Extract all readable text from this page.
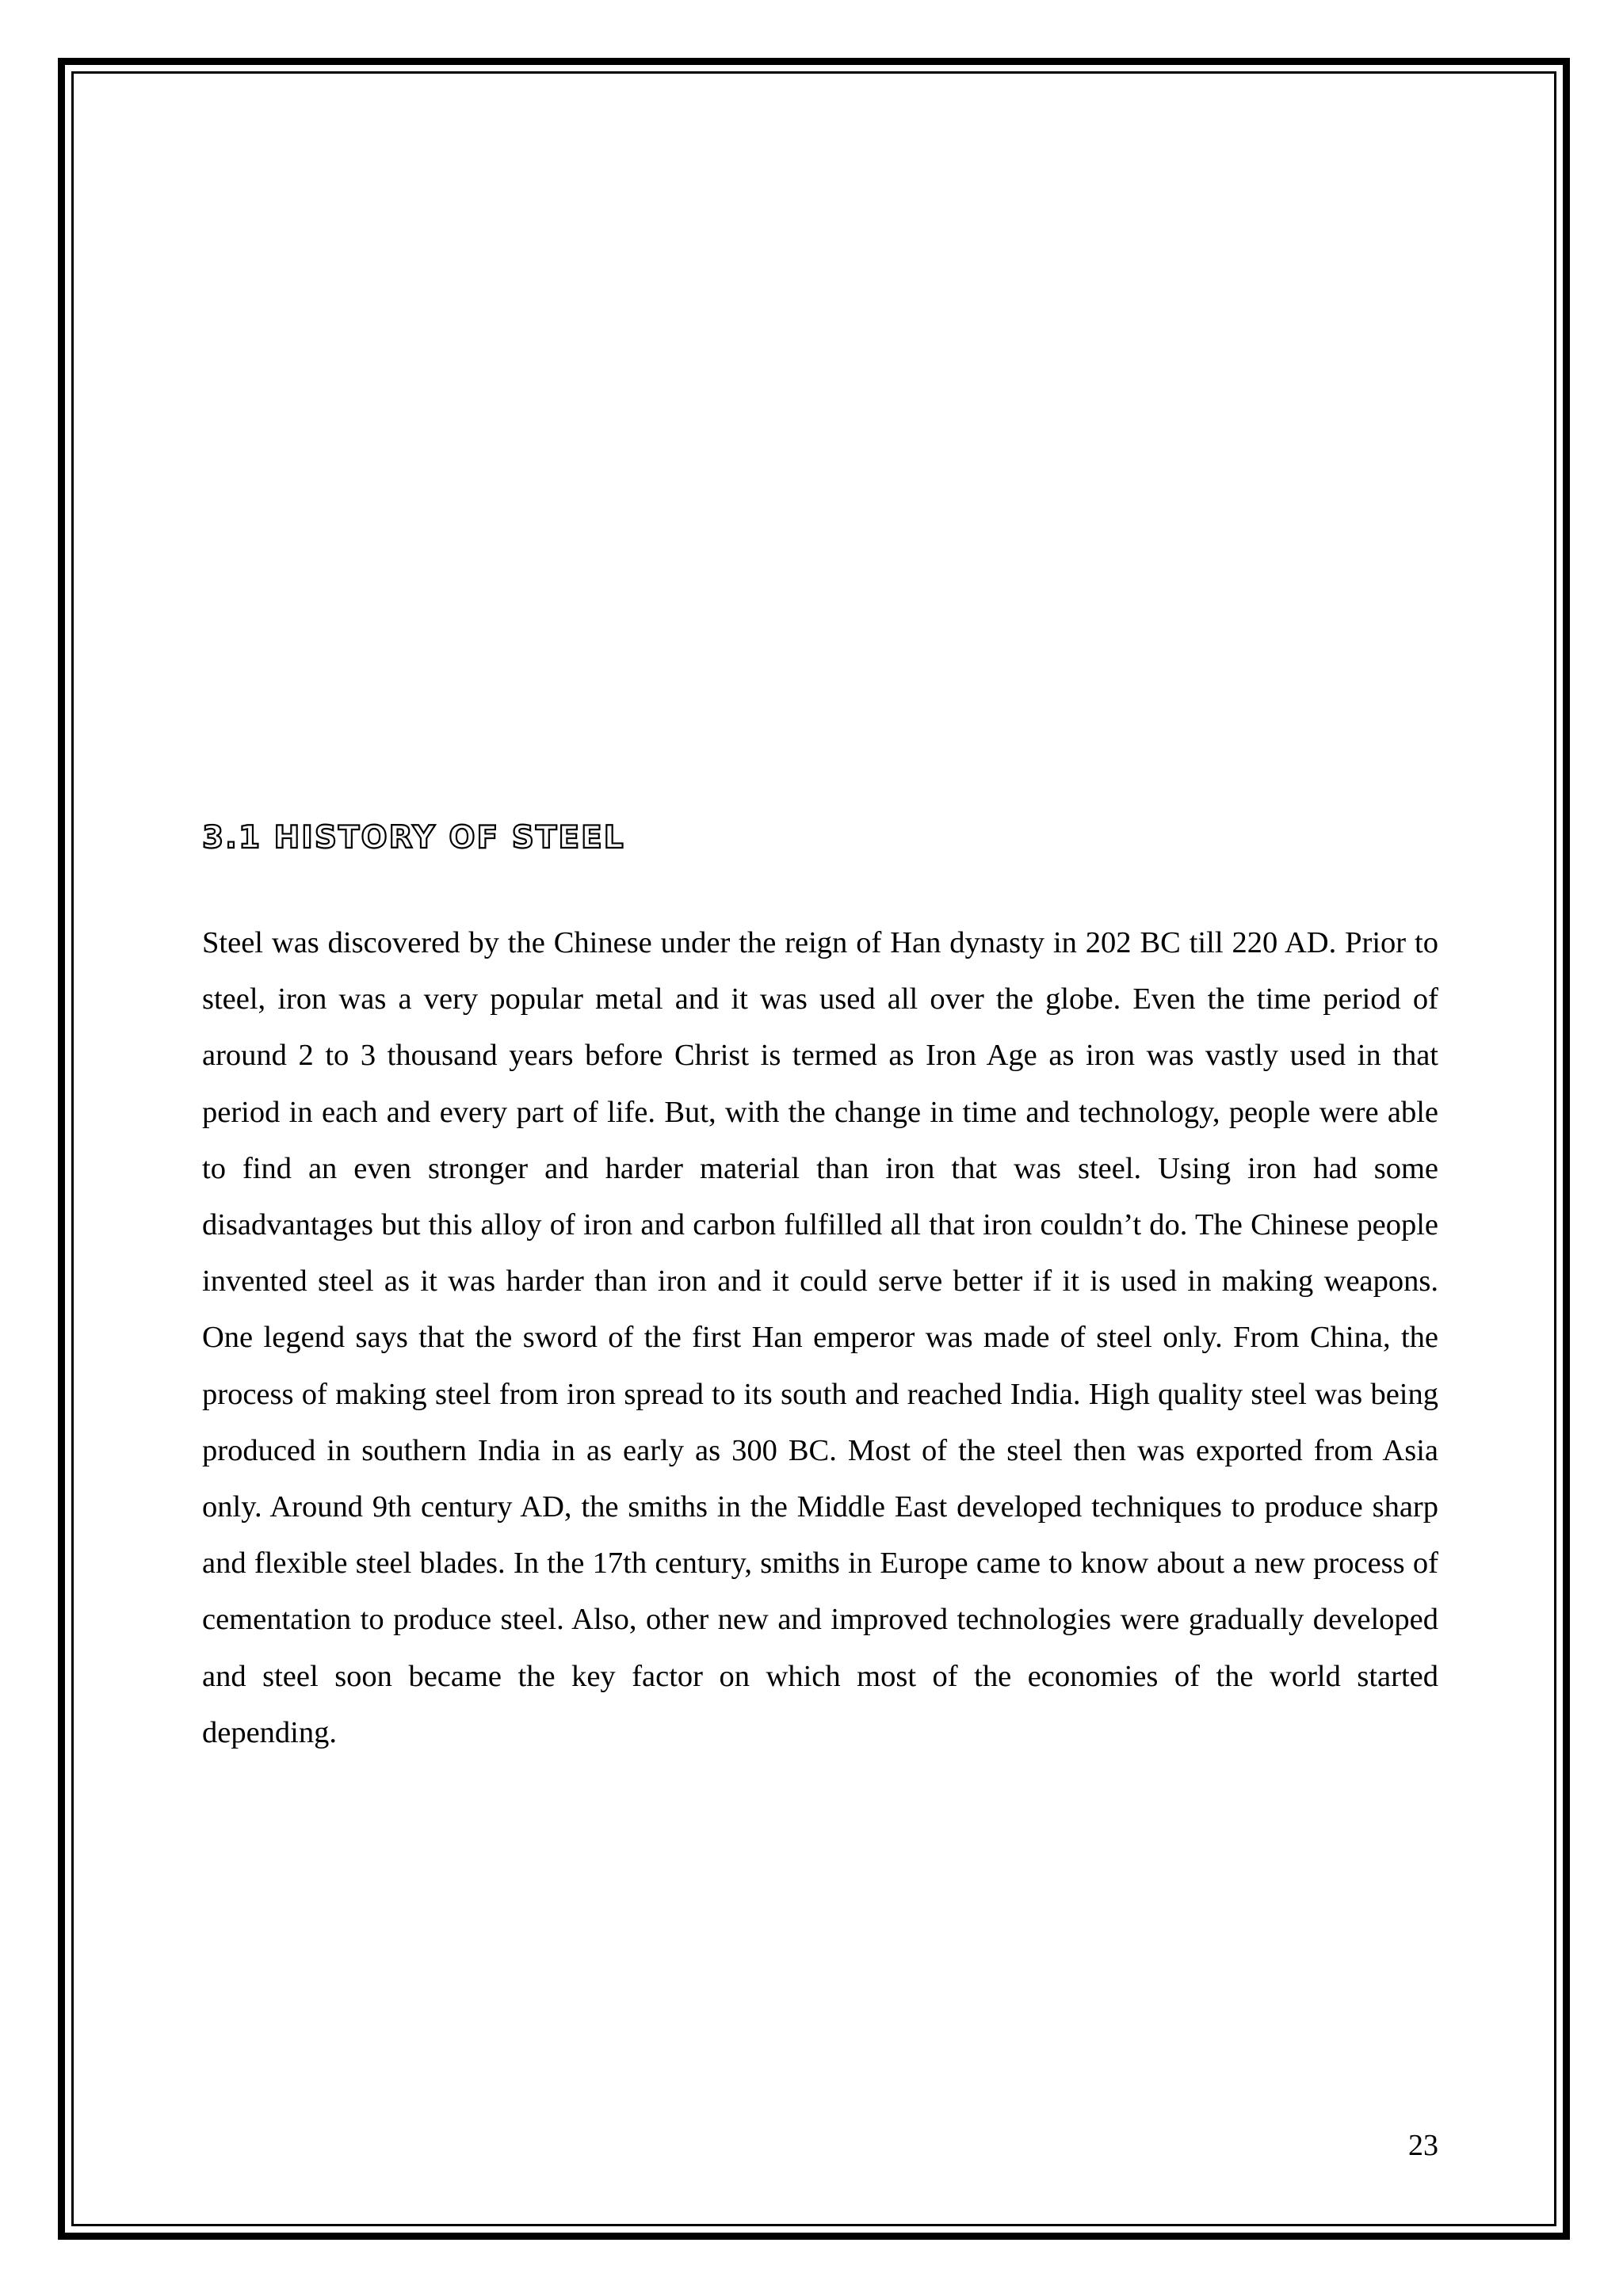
3.1 HISTORY OF STEEL

Steel was discovered by the Chinese under the reign of Han dynasty in 202 BC till 220 AD. Prior to steel, iron was a very popular metal and it was used all over the globe. Even the time period of around 2 to 3 thousand years before Christ is termed as Iron Age as iron was vastly used in that period in each and every part of life. But, with the change in time and technology, people were able to find an even stronger and harder material than iron that was steel. Using iron had some disadvantages but this alloy of iron and carbon fulfilled all that iron couldn’t do. The Chinese people invented steel as it was harder than iron and it could serve better if it is used in making weapons. One legend says that the sword of the first Han emperor was made of steel only. From China, the process of making steel from iron spread to its south and reached India. High quality steel was being produced in southern India in as early as 300 BC. Most of the steel then was exported from Asia only. Around 9th century AD, the smiths in the Middle East developed techniques to produce sharp and flexible steel blades. In the 17th century, smiths in Europe came to know about a new process of cementation to produce steel. Also, other new and improved technologies were gradually developed and steel soon became the key factor on which most of the economies of the world started depending.

23
